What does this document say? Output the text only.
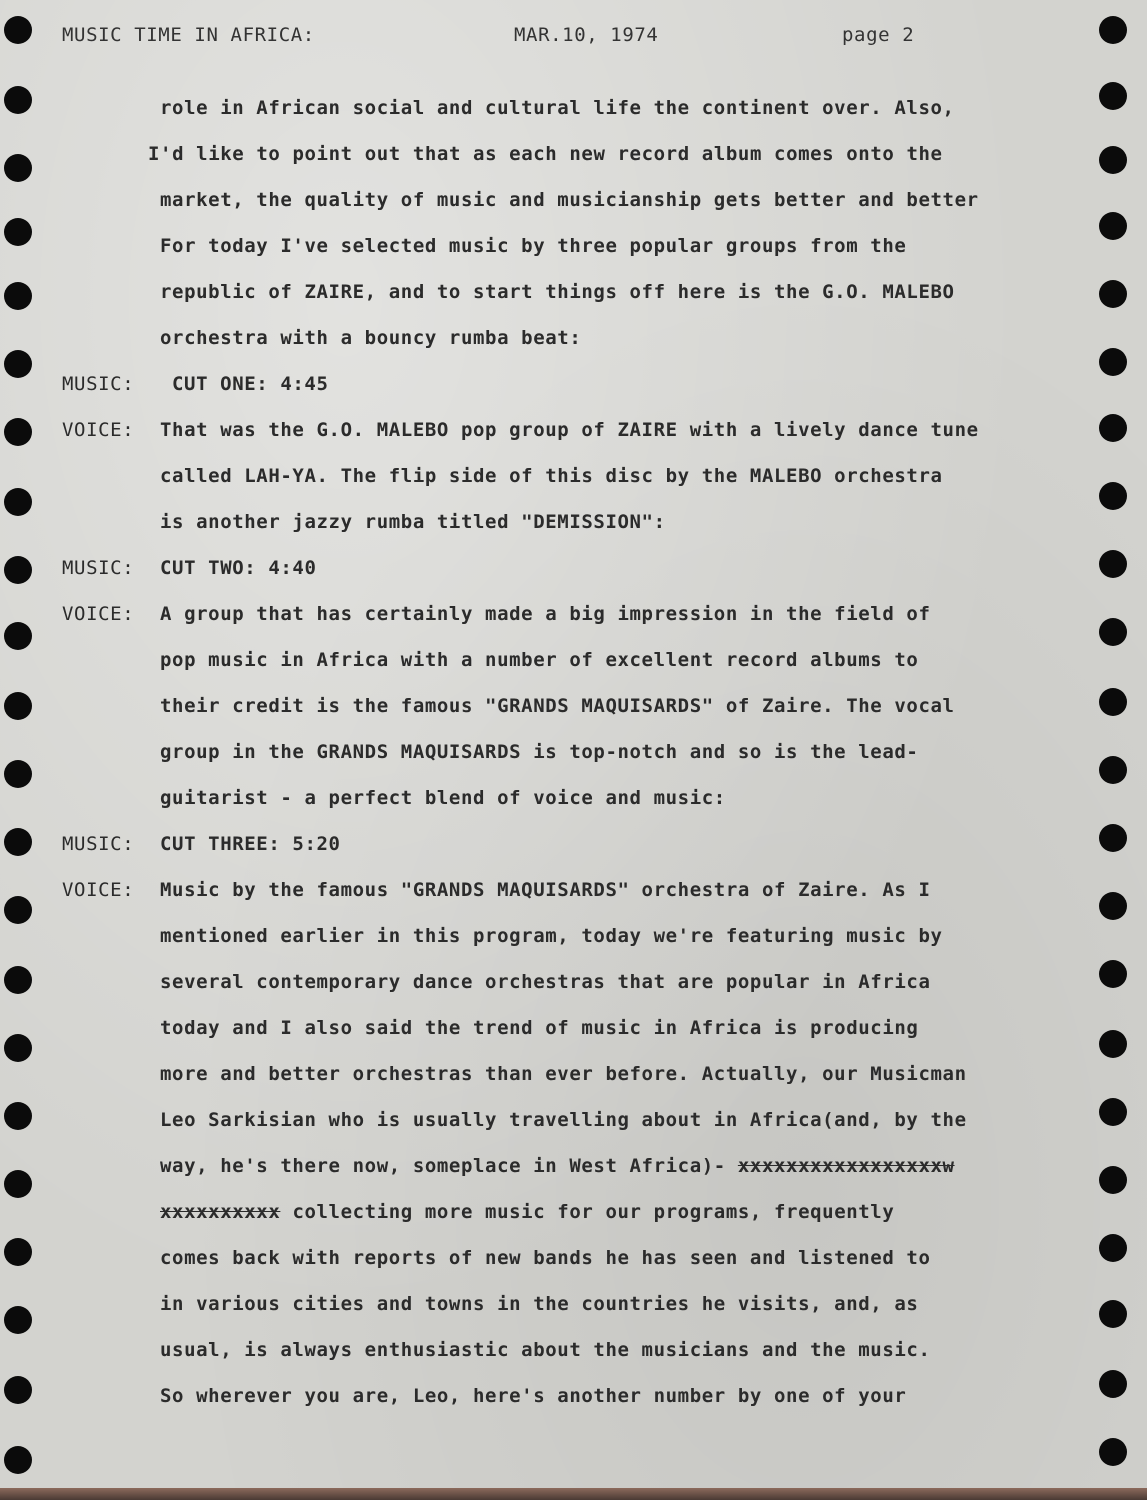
MUSIC TIME IN AFRICA:	MAR.10, 1974	page 2
role in African social and cultural life the continent over. Also,
I'd like to point out that as each new record album comes onto the
market, the quality of music and musicianship gets better and better
For today I've selected music by three popular groups from the
republic of ZAIRE, and to start things off here is the G.O. MALEBO
orchestra with a bouncy rumba beat:
MUSIC: CUT ONE: 4:45
VOICE: That was the G.O. MALEBO pop group of ZAIRE with a lively dance tune
called LAH-YA. The flip side of this disc by the MALEBO orchestra
is another jazzy rumba titled "DEMISSION":
MUSIC: CUT TWO: 4:40
VOICE: A group that has certainly made a big impression in the field of
pop music in Africa with a number of excellent record albums to
their credit is the famous "GRANDS MAQUISARDS" of Zaire. The vocal
group in the GRANDS MAQUISARDS is top-notch and so is the lead-
guitarist - a perfect blend of voice and music:
MUSIC: CUT THREE: 5:20
VOICE: Music by the famous "GRANDS MAQUISARDS" orchestra of Zaire. As I
mentioned earlier in this program, today we're featuring music by
several contemporary dance orchestras that are popular in Africa
today and I also said the trend of music in Africa is producing
more and better orchestras than ever before. Actually, our Musicman
Leo Sarkisian who is usually travelling about in Africa(and, by the
way, he's there now, someplace in West Africa)- xxxxxxxxxxxxxxxxxw
xxxxxxxxxx collecting more music for our programs, frequently
comes back with reports of new bands he has seen and listened to
in various cities and towns in the countries he visits, and, as
usual, is always enthusiastic about the musicians and the music.
So wherever you are, Leo, here's another number by one of your
